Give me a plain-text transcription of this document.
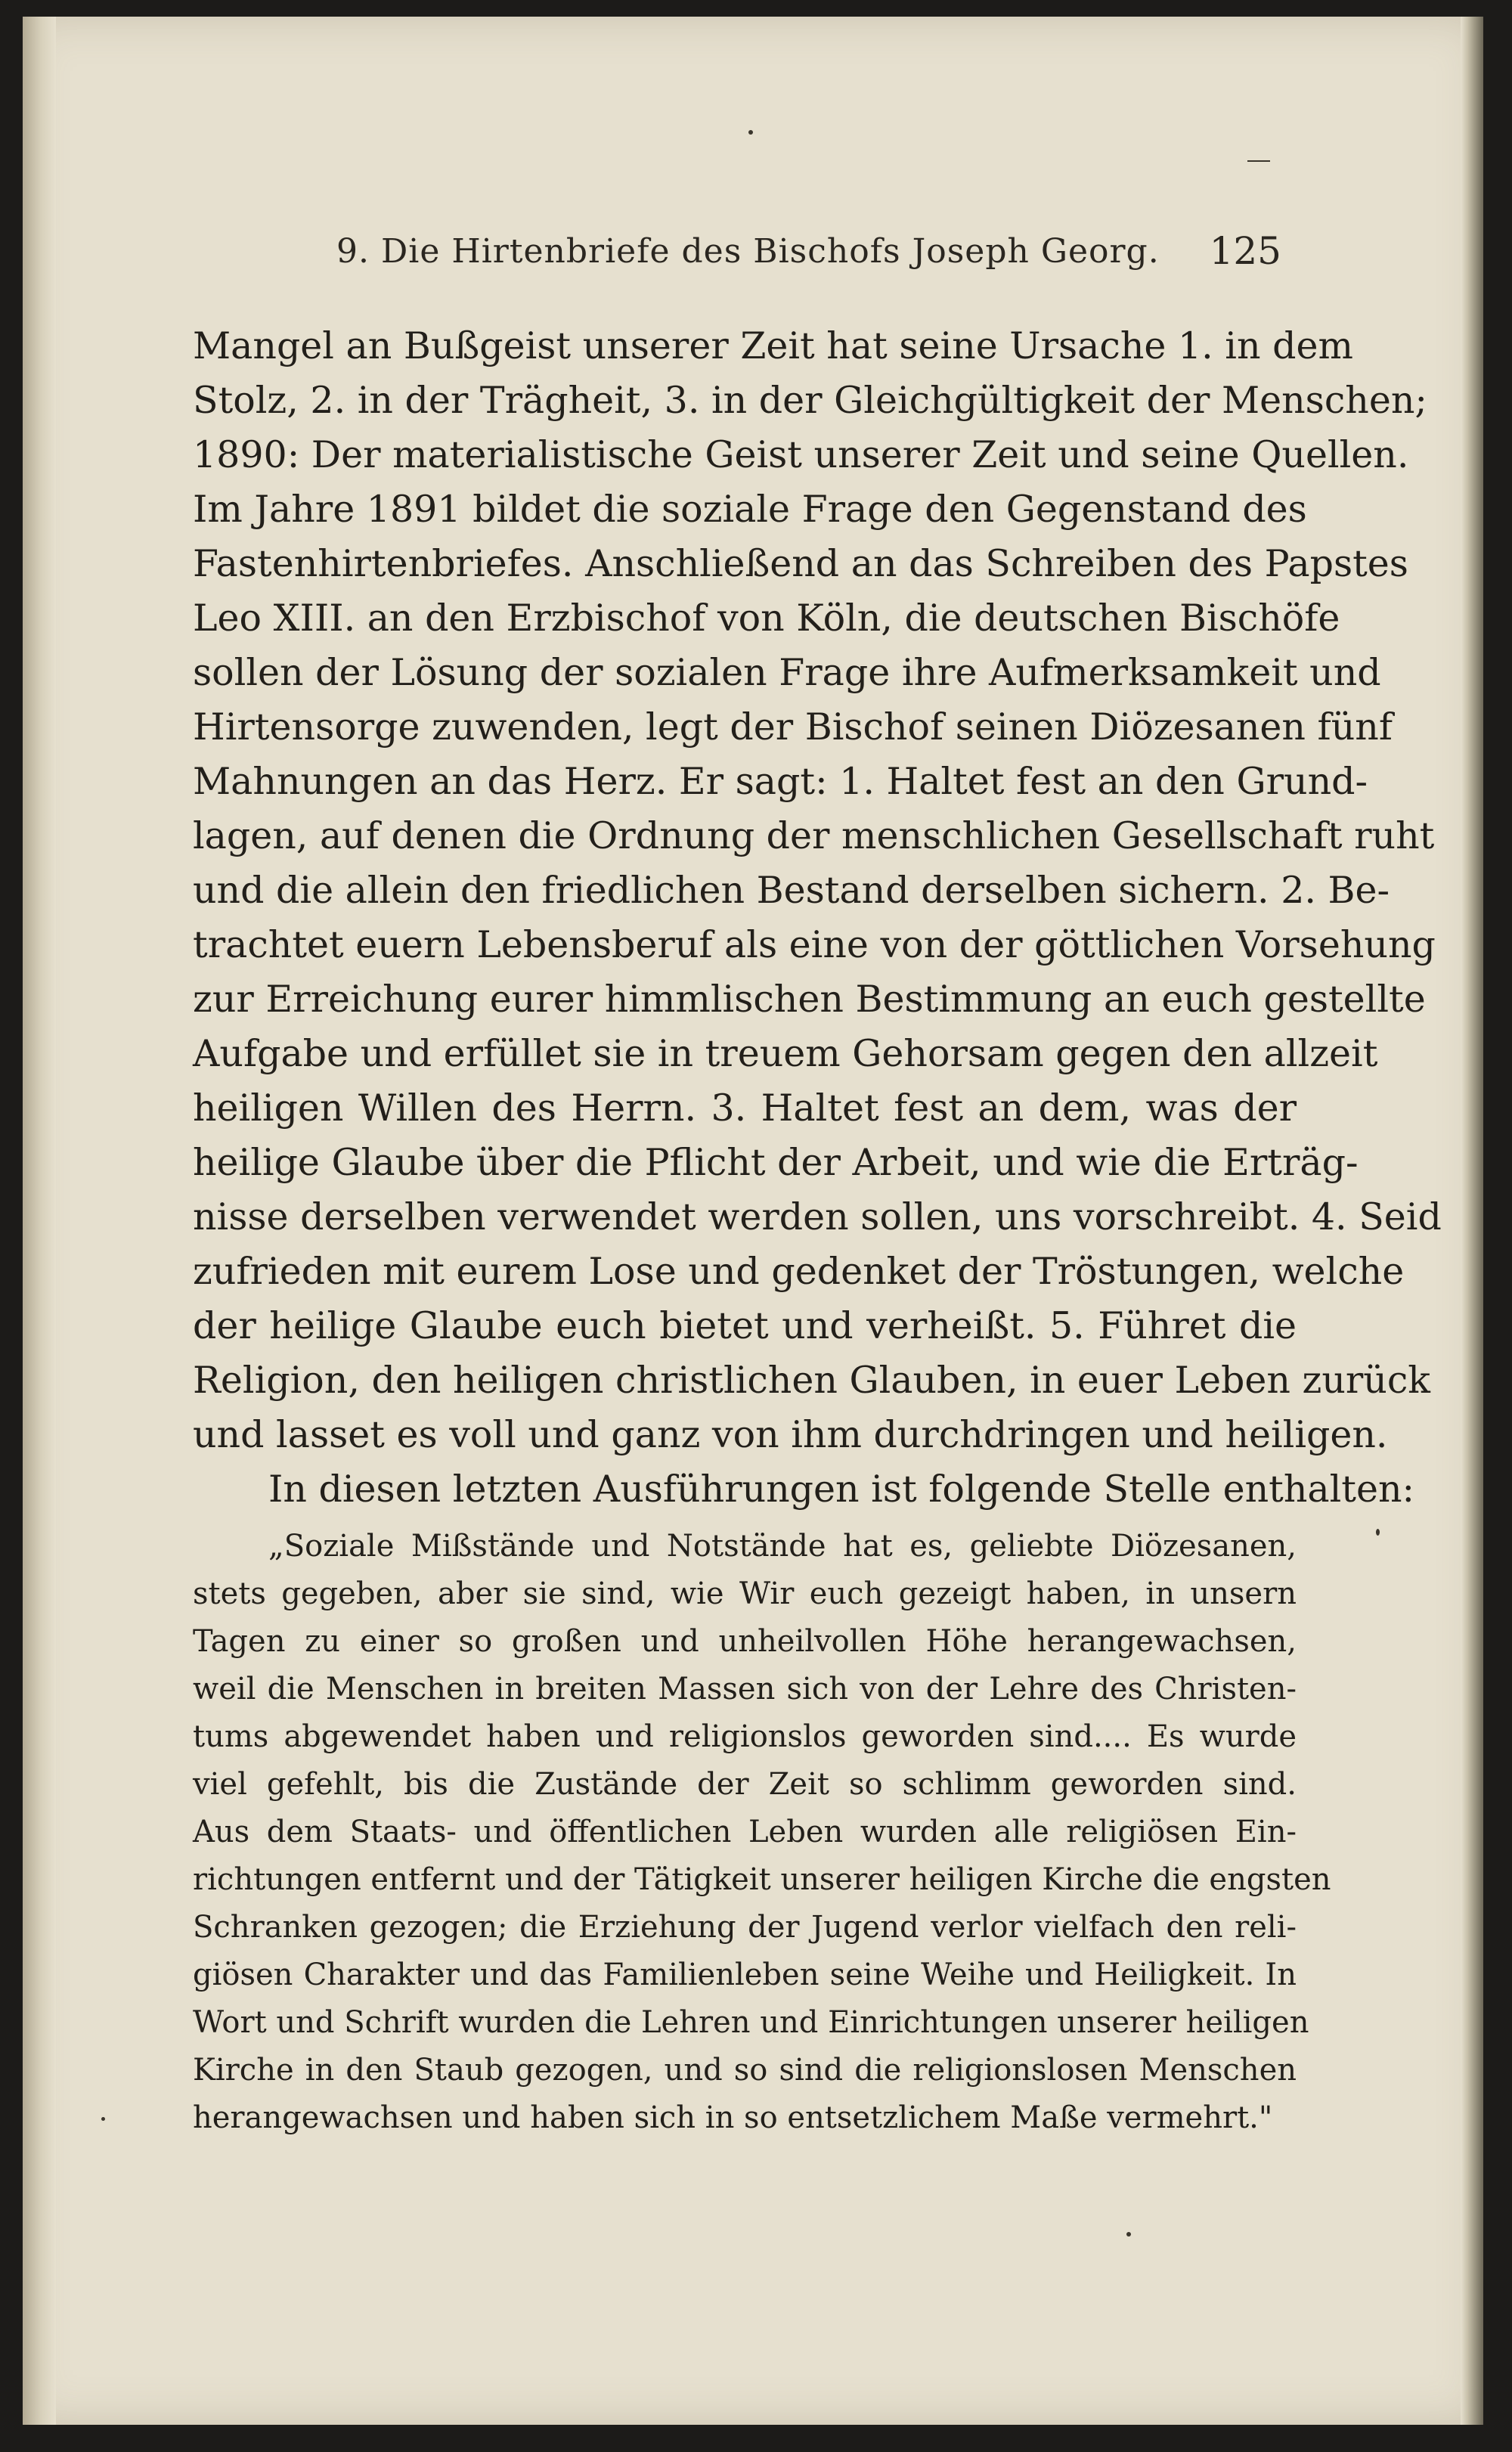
9. Die Hirtenbriefe des Bischofs Joseph Georg. 125
Mangel an Bußgeist unserer Zeit hat seine Ursache 1. in dem
Stolz, 2. in der Trägheit, 3. in der Gleichgültigkeit der Menschen;
1890: Der materialistische Geist unserer Zeit und seine Quellen.
Im Jahre 1891 bildet die soziale Frage den Gegenstand des
Fastenhirtenbriefes. Anschließend an das Schreiben des Papstes
Leo XIII. an den Erzbischof von Köln, die deutschen Bischöfe
sollen der Lösung der sozialen Frage ihre Aufmerksamkeit und
Hirtensorge zuwenden, legt der Bischof seinen Diözesanen fünf
Mahnungen an das Herz. Er sagt: 1. Haltet fest an den Grund-
lagen, auf denen die Ordnung der menschlichen Gesellschaft ruht
und die allein den friedlichen Bestand derselben sichern. 2. Be-
trachtet euern Lebensberuf als eine von der göttlichen Vorsehung
zur Erreichung eurer himmlischen Bestimmung an euch gestellte
Aufgabe und erfüllet sie in treuem Gehorsam gegen den allzeit
heiligen Willen des Herrn. 3. Haltet fest an dem, was der
heilige Glaube über die Pflicht der Arbeit, und wie die Erträg-
nisse derselben verwendet werden sollen, uns vorschreibt. 4. Seid
zufrieden mit eurem Lose und gedenket der Tröstungen, welche
der heilige Glaube euch bietet und verheißt. 5. Führet die
Religion, den heiligen christlichen Glauben, in euer Leben zurück
und lasset es voll und ganz von ihm durchdringen und heiligen.
In diesen letzten Ausführungen ist folgende Stelle enthalten:
„Soziale Mißstände und Notstände hat es, geliebte Diözesanen,
stets gegeben, aber sie sind, wie Wir euch gezeigt haben, in unsern
Tagen zu einer so großen und unheilvollen Höhe herangewachsen,
weil die Menschen in breiten Massen sich von der Lehre des Christen-
tums abgewendet haben und religionslos geworden sind.... Es wurde
viel gefehlt, bis die Zustände der Zeit so schlimm geworden sind.
Aus dem Staats- und öffentlichen Leben wurden alle religiösen Ein-
richtungen entfernt und der Tätigkeit unserer heiligen Kirche die engsten
Schranken gezogen; die Erziehung der Jugend verlor vielfach den reli-
giösen Charakter und das Familienleben seine Weihe und Heiligkeit. In
Wort und Schrift wurden die Lehren und Einrichtungen unserer heiligen
Kirche in den Staub gezogen, und so sind die religionslosen Menschen
herangewachsen und haben sich in so entsetzlichem Maße vermehrt."
